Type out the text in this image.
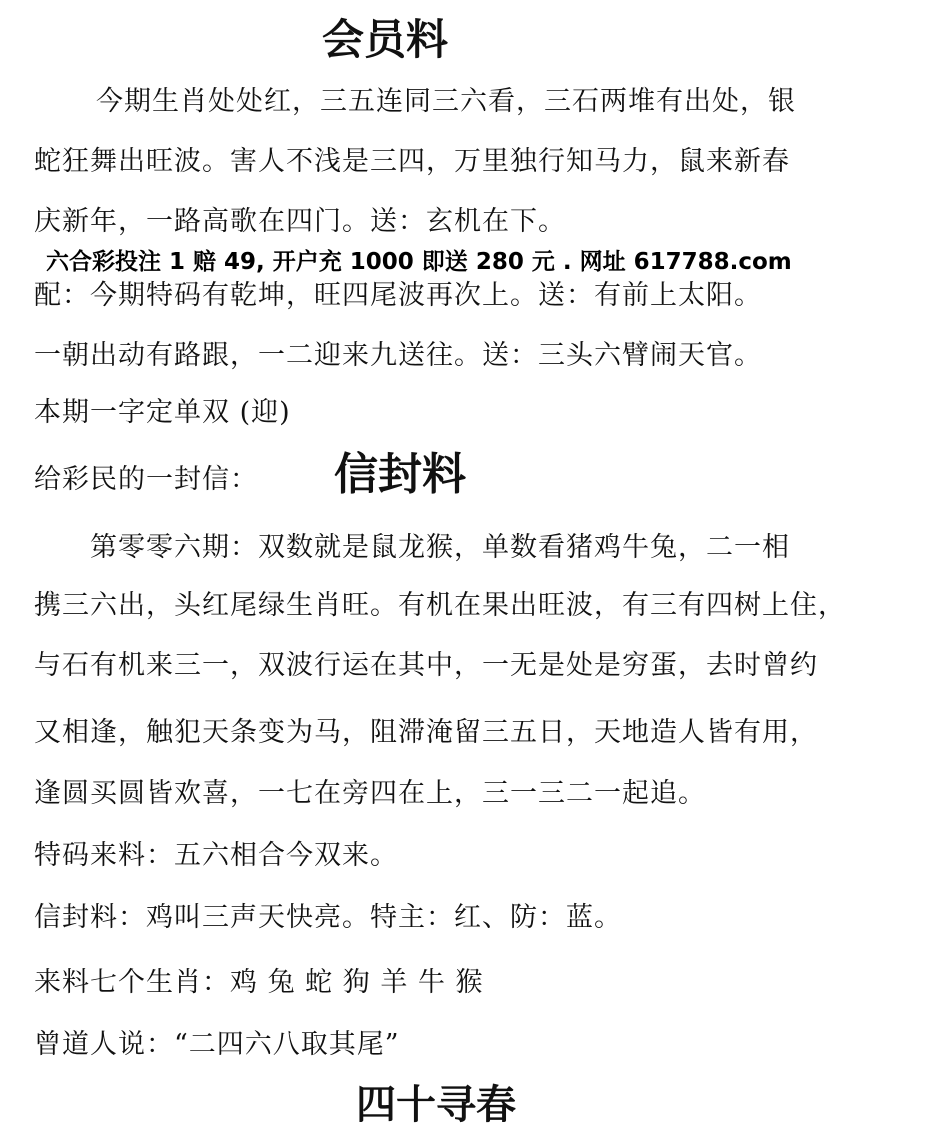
会员料
今期生肖处处红，三五连同三六看，三石两堆有出处，银
蛇狂舞出旺波。害人不浅是三四，万里独行知马力，鼠来新春
庆新年，一路高歌在四门。送：玄机在下。
六合彩投注 1 赔 49, 开户充 1000 即送 280 元 . 网址 617788.com
配：今期特码有乾坤，旺四尾波再次上。送：有前上太阳。
一朝出动有路跟，一二迎来九送往。送：三头六臂闹天官。
本期一字定单双 (迎)
给彩民的一封信： 信封料
第零零六期：双数就是鼠龙猴，单数看猪鸡牛兔，二一相
携三六出，头红尾绿生肖旺。有机在果出旺波，有三有四树上住，
与石有机来三一，双波行运在其中，一无是处是穷蛋，去时曾约
又相逢，触犯天条变为马，阻滞淹留三五日，天地造人皆有用，
逢圆买圆皆欢喜，一七在旁四在上，三一三二一起追。
特码来料：五六相合今双来。
信封料：鸡叫三声天快亮。特主：红、防：蓝。
来料七个生肖：鸡 兔 蛇 狗 羊 牛 猴
曾道人说：“二四六八取其尾”
四十寻春
